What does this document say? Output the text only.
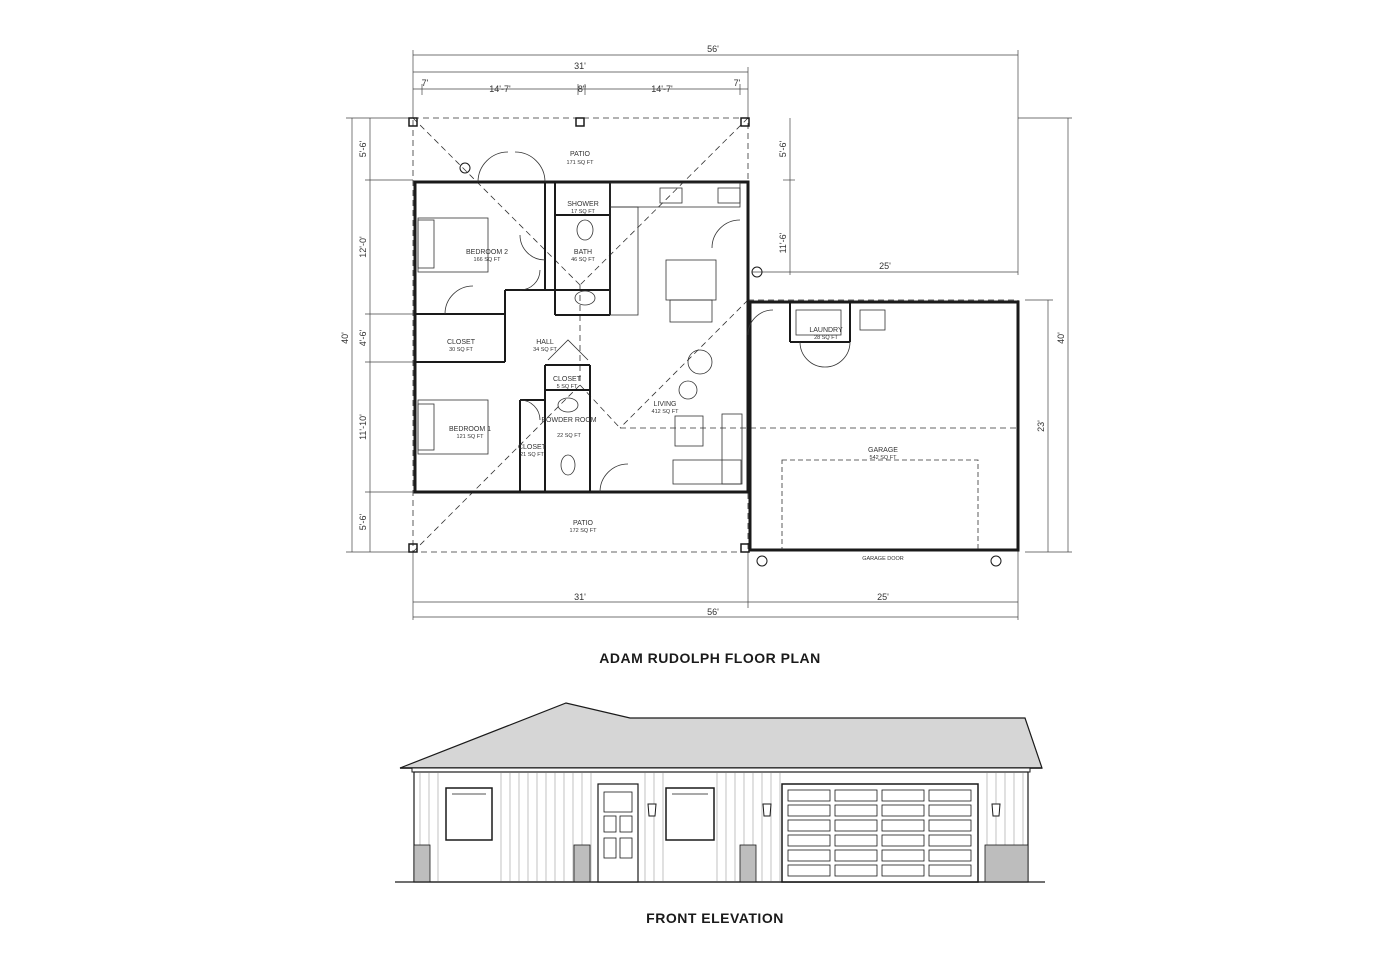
56'
31'
7'
14'-7'	8"	14'-7'
7'
40'
5'-6'
12'-0'
4'-6'
11'-10'
5'-6'
5'-6'
11'-6'
25'
23'
40'
31'	25'
56'
PATIO
171 SQ FT
SHOWER
17 SQ FT
BATH
46 SQ FT
BEDROOM 2
166 SQ FT
CLOSET
30 SQ FT
HALL
34 SQ FT
CLOSET
5 SQ FT
POWDER ROOM
22 SQ FT
BEDROOM 1
121 SQ FT
CLOSET
21 SQ FT
LIVING
412 SQ FT
LAUNDRY
28 SQ FT
GARAGE
542 SQ FT
PATIO
172 SQ FT
GARAGE DOOR
ADAM RUDOLPH FLOOR PLAN
FRONT ELEVATION
